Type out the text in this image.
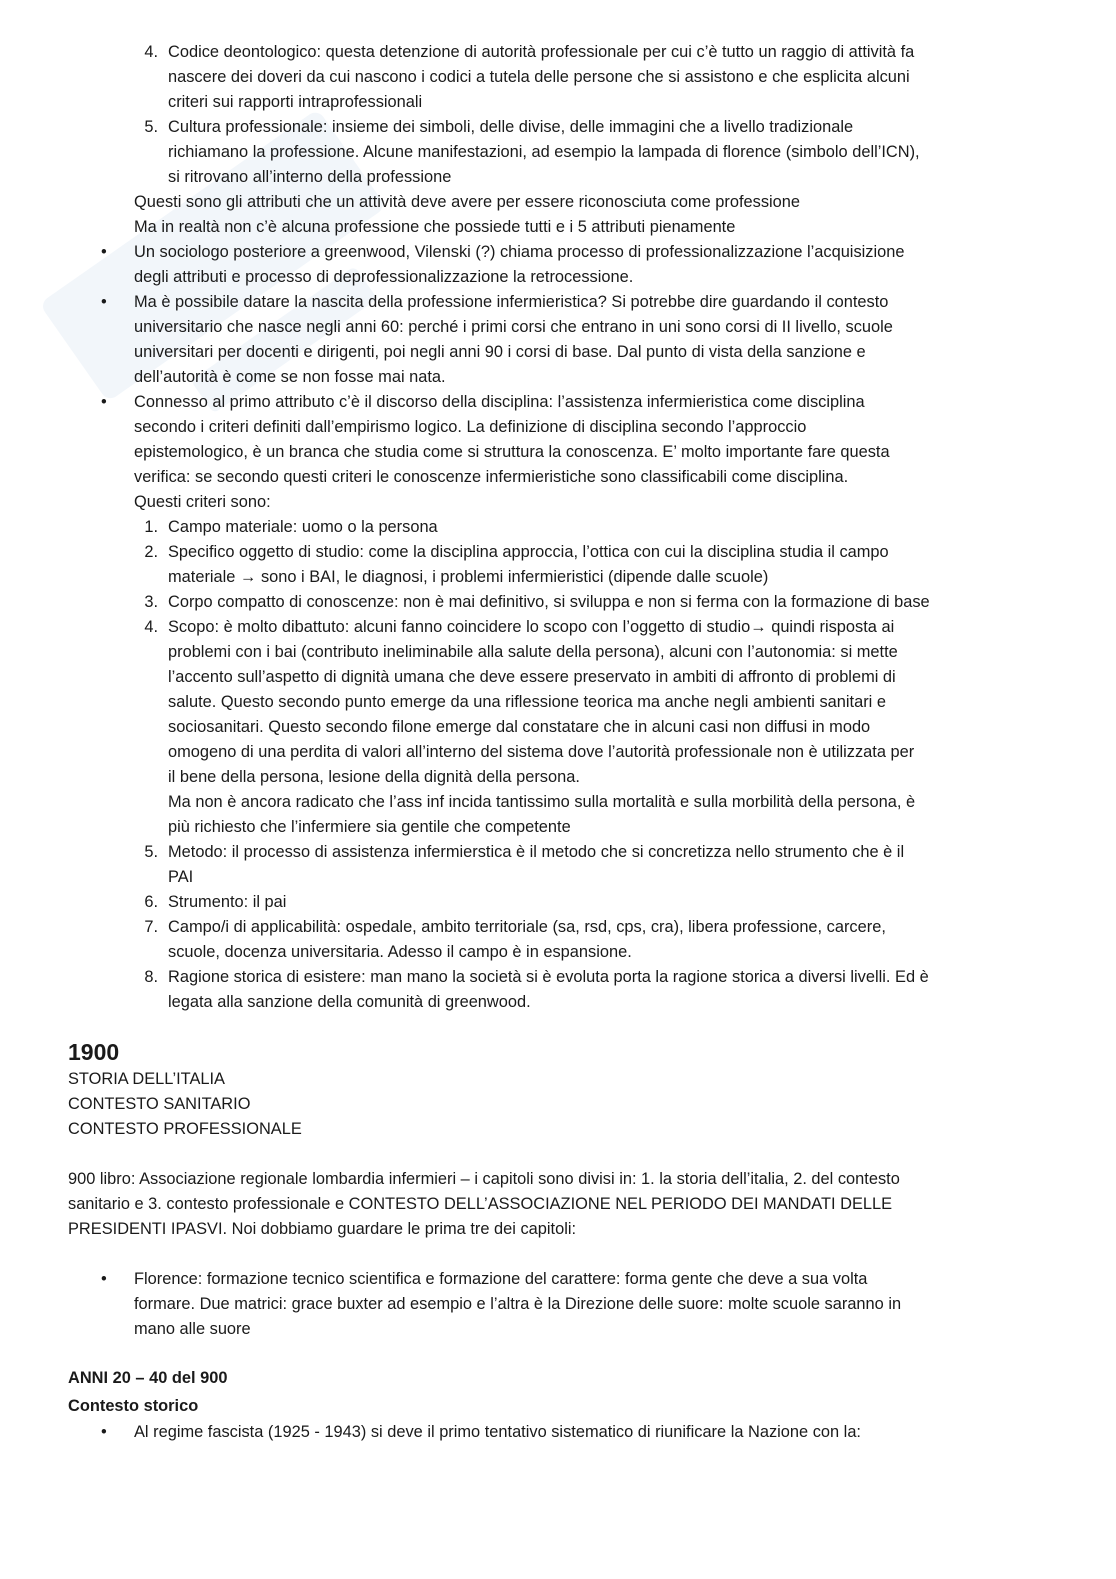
4. Codice deontologico: questa detenzione di autorità professionale per cui c’è tutto un raggio di attività fa
nascere dei doveri da cui nascono i codici a tutela delle persone che si assistono e che esplicita alcuni
criteri sui rapporti intraprofessionali
5. Cultura professionale: insieme dei simboli, delle divise, delle immagini che a livello tradizionale
richiamano la professione. Alcune manifestazioni, ad esempio la lampada di florence (simbolo dell’ICN),
si ritrovano all’interno della professione
Questi sono gli attributi che un attività deve avere per essere riconosciuta come professione
Ma in realtà non c’è alcuna professione che possiede tutti e i 5 attributi pienamente
• Un sociologo posteriore a greenwood, Vilenski (?) chiama processo di professionalizzazione l’acquisizione
degli attributi e processo di deprofessionalizzazione la retrocessione.
• Ma è possibile datare la nascita della professione infermieristica? Si potrebbe dire guardando il contesto
universitario che nasce negli anni 60: perché i primi corsi che entrano in uni sono corsi di II livello, scuole
universitari per docenti e dirigenti, poi negli anni 90 i corsi di base. Dal punto di vista della sanzione e
dell’autorità è come se non fosse mai nata.
• Connesso al primo attributo c’è il discorso della disciplina: l’assistenza infermieristica come disciplina
secondo i criteri definiti dall’empirismo logico. La definizione di disciplina secondo l’approccio
epistemologico, è un branca che studia come si struttura la conoscenza. E’ molto importante fare questa
verifica: se secondo questi criteri le conoscenze infermieristiche sono classificabili come disciplina.
Questi criteri sono:
1. Campo materiale: uomo o la persona
2. Specifico oggetto di studio: come la disciplina approccia, l’ottica con cui la disciplina studia il campo
materiale → sono i BAI, le diagnosi, i problemi infermieristici (dipende dalle scuole)
3. Corpo compatto di conoscenze: non è mai definitivo, si sviluppa e non si ferma con la formazione di base
4. Scopo: è molto dibattuto: alcuni fanno coincidere lo scopo con l’oggetto di studio→ quindi risposta ai
problemi con i bai (contributo ineliminabile alla salute della persona), alcuni con l’autonomia: si mette
l’accento sull’aspetto di dignità umana che deve essere preservato in ambiti di affronto di problemi di
salute. Questo secondo punto emerge da una riflessione teorica ma anche negli ambienti sanitari e
sociosanitari. Questo secondo filone emerge dal constatare che in alcuni casi non diffusi in modo
omogeno di una perdita di valori all’interno del sistema dove l’autorità professionale non è utilizzata per
il bene della persona, lesione della dignità della persona.
Ma non è ancora radicato che l’ass inf incida tantissimo sulla mortalità e sulla morbilità della persona, è
più richiesto che l’infermiere sia gentile che competente
5. Metodo: il processo di assistenza infermierstica è il metodo che si concretizza nello strumento che è il
PAI
6. Strumento: il pai
7. Campo/i di applicabilità: ospedale, ambito territoriale (sa, rsd, cps, cra), libera professione, carcere,
scuole, docenza universitaria. Adesso il campo è in espansione.
8. Ragione storica di esistere: man mano la società si è evoluta porta la ragione storica a diversi livelli. Ed è
legata alla sanzione della comunità di greenwood.
1900
STORIA DELL’ITALIA
CONTESTO SANITARIO
CONTESTO PROFESSIONALE
900 libro: Associazione regionale lombardia infermieri – i capitoli sono divisi in: 1. la storia dell’italia, 2. del contesto
sanitario e 3. contesto professionale e CONTESTO DELL’ASSOCIAZIONE NEL PERIODO DEI MANDATI DELLE
PRESIDENTI IPASVI. Noi dobbiamo guardare le prima tre dei capitoli:
• Florence: formazione tecnico scientifica e formazione del carattere: forma gente che deve a sua volta
formare. Due matrici: grace buxter ad esempio e l’altra è la Direzione delle suore: molte scuole saranno in
mano alle suore
ANNI 20 – 40 del 900
Contesto storico
• Al regime fascista (1925 - 1943) si deve il primo tentativo sistematico di riunificare la Nazione con la:
